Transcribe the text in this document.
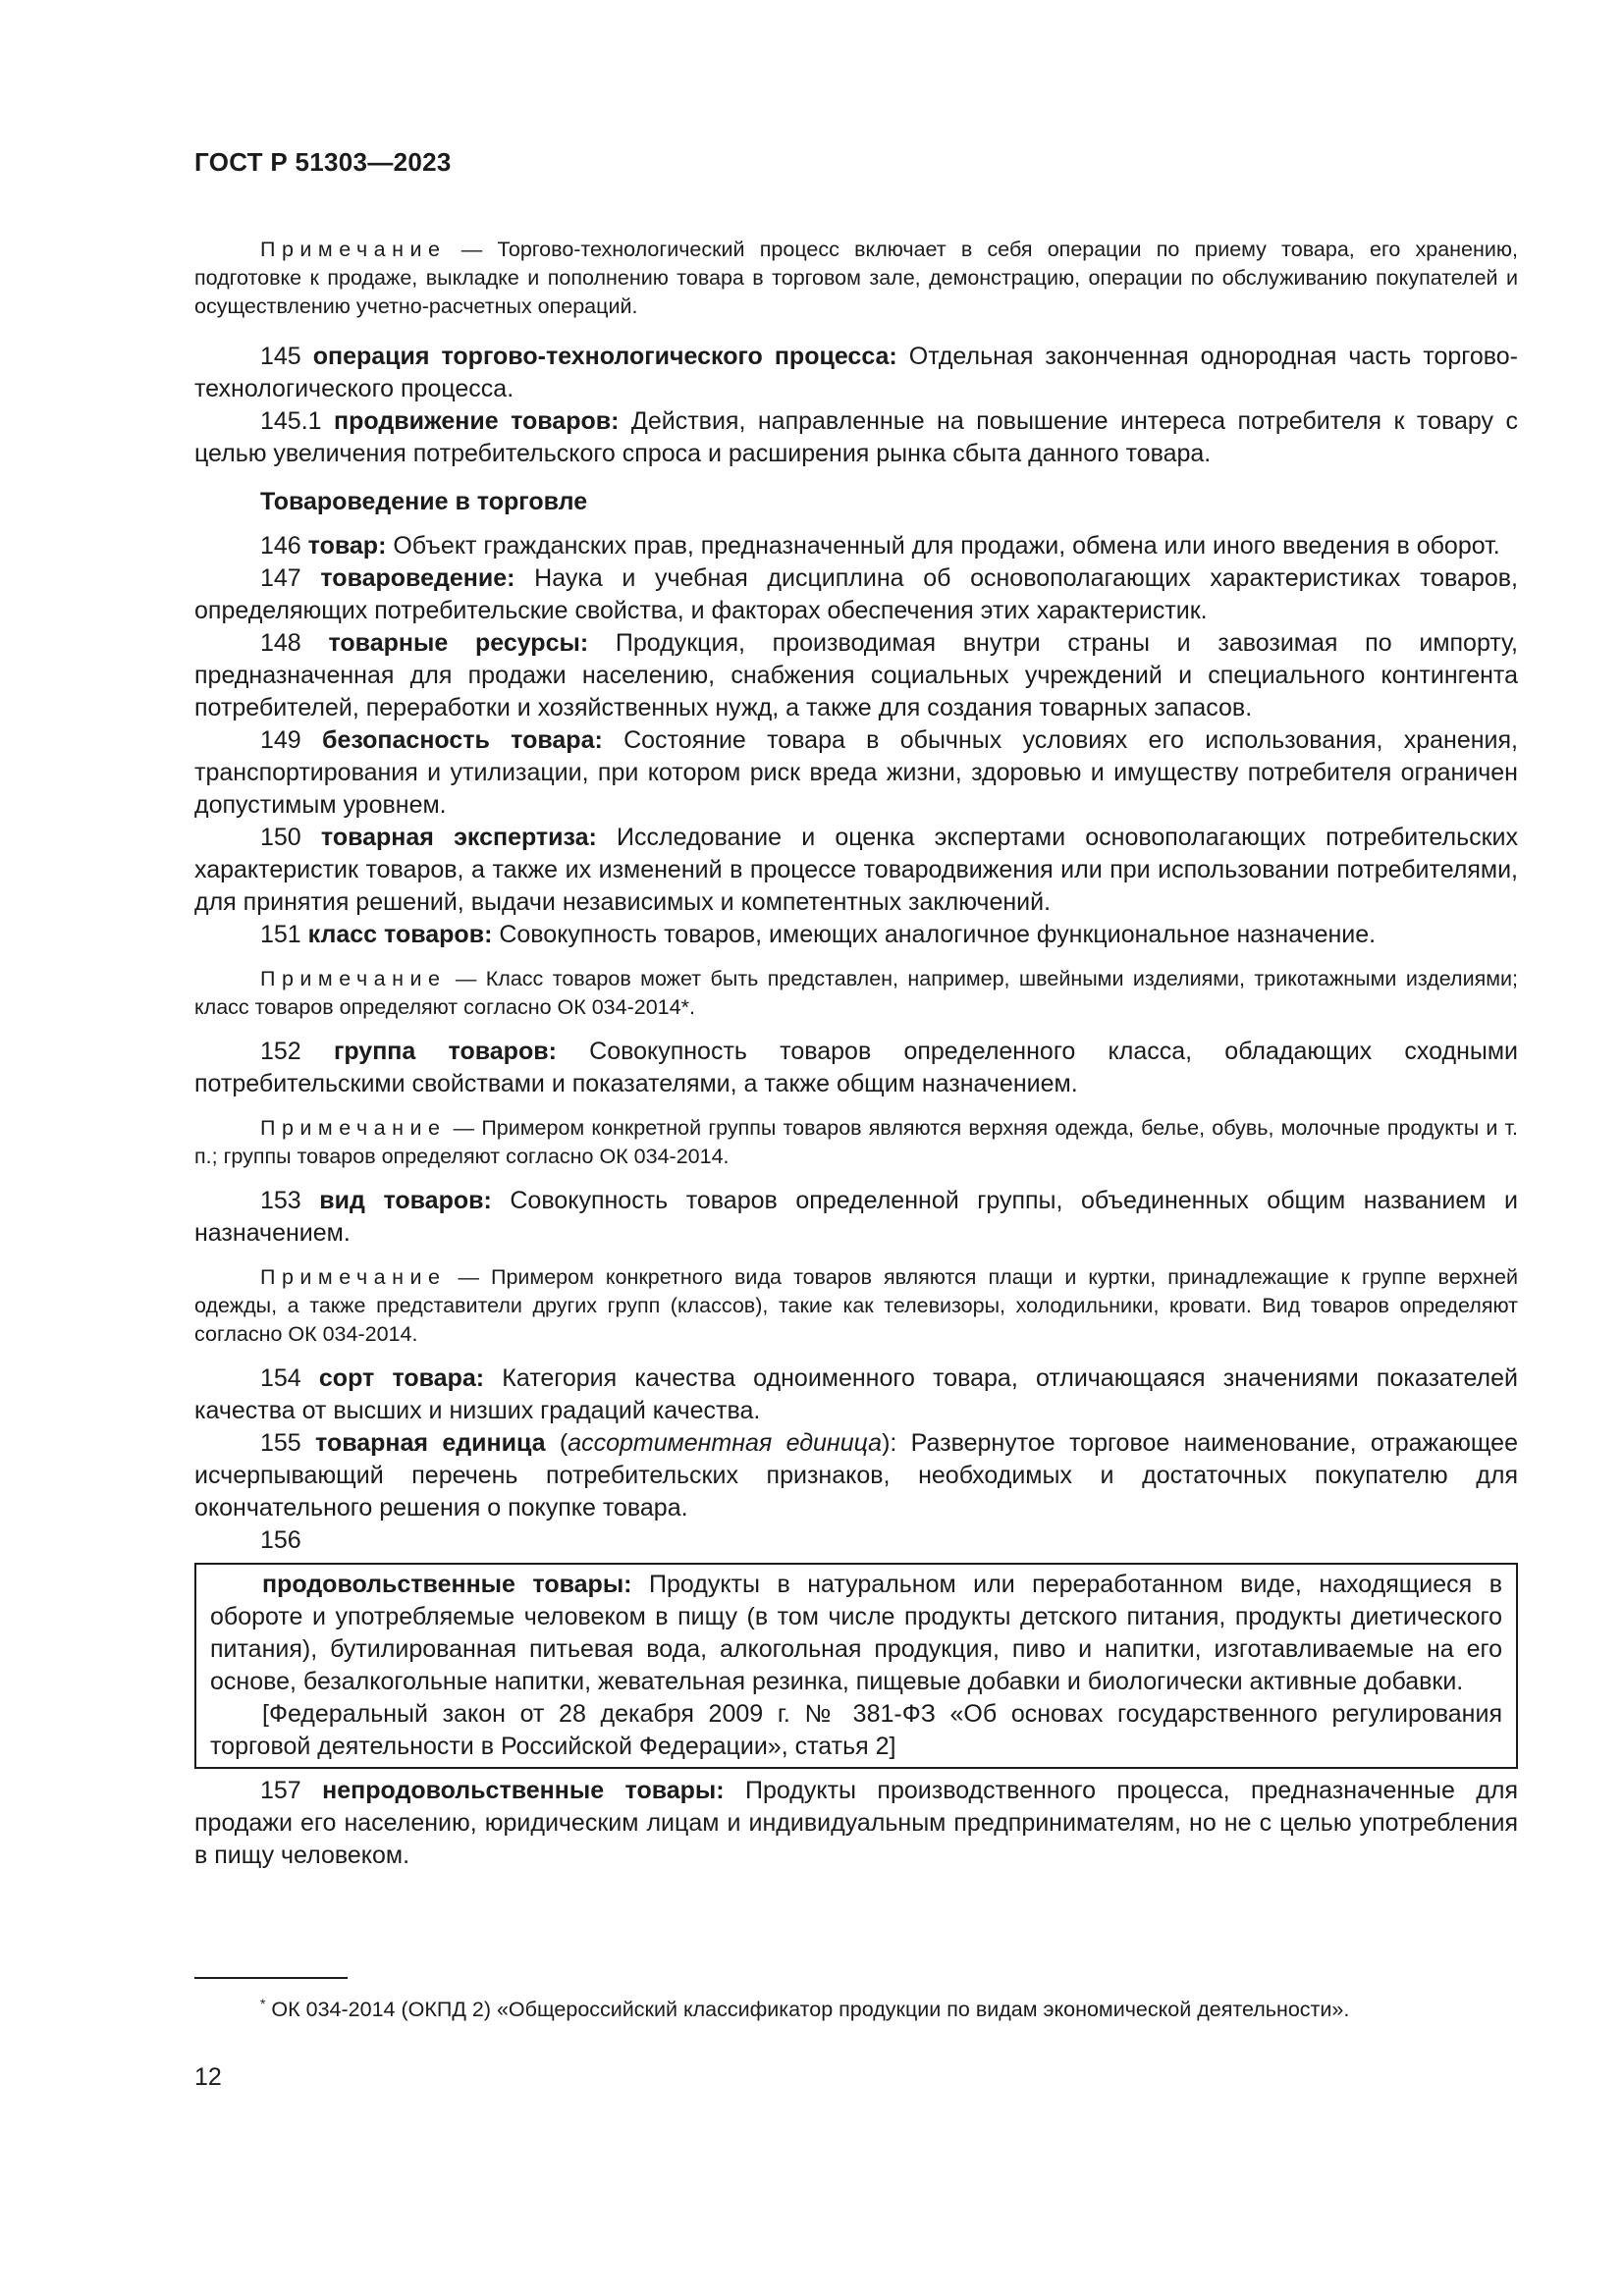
ГОСТ Р 51303—2023

Примечание — Торгово-технологический процесс включает в себя операции по приему товара, его хранению, подготовке к продаже, выкладке и пополнению товара в торговом зале, демонстрацию, операции по обслуживанию покупателей и осуществлению учетно-расчетных операций.

145 операция торгово-технологического процесса: Отдельная законченная однородная часть торгово-технологического процесса.

145.1 продвижение товаров: Действия, направленные на повышение интереса потребителя к товару с целью увеличения потребительского спроса и расширения рынка сбыта данного товара.

Товароведение в торговле

146 товар: Объект гражданских прав, предназначенный для продажи, обмена или иного введения в оборот.

147 товароведение: Наука и учебная дисциплина об основополагающих характеристиках товаров, определяющих потребительские свойства, и факторах обеспечения этих характеристик.

148 товарные ресурсы: Продукция, производимая внутри страны и завозимая по импорту, предназначенная для продажи населению, снабжения социальных учреждений и специального контингента потребителей, переработки и хозяйственных нужд, а также для создания товарных запасов.

149 безопасность товара: Состояние товара в обычных условиях его использования, хранения, транспортирования и утилизации, при котором риск вреда жизни, здоровью и имуществу потребителя ограничен допустимым уровнем.

150 товарная экспертиза: Исследование и оценка экспертами основополагающих потребительских характеристик товаров, а также их изменений в процессе товародвижения или при использовании потребителями, для принятия решений, выдачи независимых и компетентных заключений.

151 класс товаров: Совокупность товаров, имеющих аналогичное функциональное назначение.

Примечание — Класс товаров может быть представлен, например, швейными изделиями, трикотажными изделиями; класс товаров определяют согласно ОК 034-2014*.

152 группа товаров: Совокупность товаров определенного класса, обладающих сходными потребительскими свойствами и показателями, а также общим назначением.

Примечание — Примером конкретной группы товаров являются верхняя одежда, белье, обувь, молочные продукты и т. п.; группы товаров определяют согласно ОК 034-2014.

153 вид товаров: Совокупность товаров определенной группы, объединенных общим названием и назначением.

Примечание — Примером конкретного вида товаров являются плащи и куртки, принадлежащие к группе верхней одежды, а также представители других групп (классов), такие как телевизоры, холодильники, кровати. Вид товаров определяют согласно ОК 034-2014.

154 сорт товара: Категория качества одноименного товара, отличающаяся значениями показателей качества от высших и низших градаций качества.

155 товарная единица (ассортиментная единица): Развернутое торговое наименование, отражающее исчерпывающий перечень потребительских признаков, необходимых и достаточных покупателю для окончательного решения о покупке товара.

156

продовольственные товары: Продукты в натуральном или переработанном виде, находящиеся в обороте и употребляемые человеком в пищу (в том числе продукты детского питания, продукты диетического питания), бутилированная питьевая вода, алкогольная продукция, пиво и напитки, изготавливаемые на его основе, безалкогольные напитки, жевательная резинка, пищевые добавки и биологически активные добавки.

[Федеральный закон от 28 декабря 2009 г. № 381-ФЗ «Об основах государственного регулирования торговой деятельности в Российской Федерации», статья 2]

157 непродовольственные товары: Продукты производственного процесса, предназначенные для продажи его населению, юридическим лицам и индивидуальным предпринимателям, но не с целью употребления в пищу человеком.

* ОК 034-2014 (ОКПД 2) «Общероссийский классификатор продукции по видам экономической деятельности».
12
